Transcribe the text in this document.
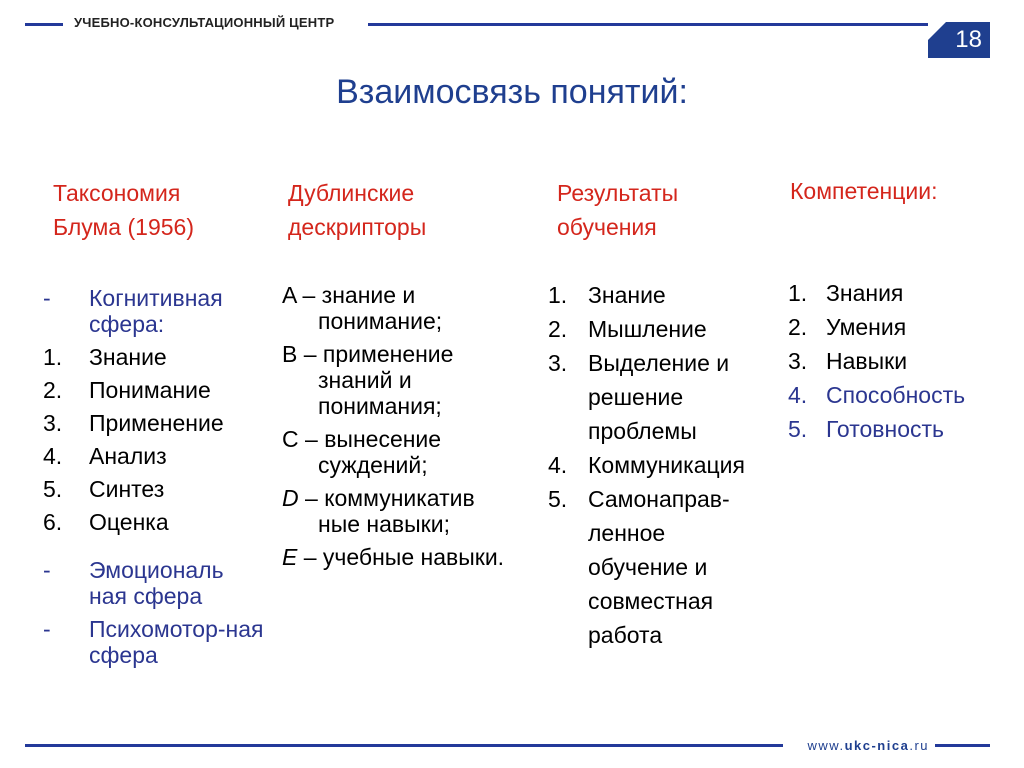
УЧЕБНО-КОНСУЛЬТАЦИОННЫЙ ЦЕНТР
18
Взаимосвязь понятий:
Таксономия
Блума (1956)
- Когнитивная сфера:
1. Знание
2. Понимание
3. Применение
4. Анализ
5. Синтез
6. Оценка
- Эмоциональ ная сфера
- Психомотор-ная сфера
Дублинские
дескрипторы
A – знание и понимание;
B – применение знаний и понимания;
C – вынесение суждений;
D – коммуникатив ные навыки;
E – учебные навыки.
Результаты
обучения
1. Знание
2. Мышление
3. Выделение и решение проблемы
4. Коммуникация
5. Самонаправ-ленное обучение и совместная работа
Компетенции:
1. Знания
2. Умения
3. Навыки
4. Способность
5. Готовность
www.ukc-nica.ru
